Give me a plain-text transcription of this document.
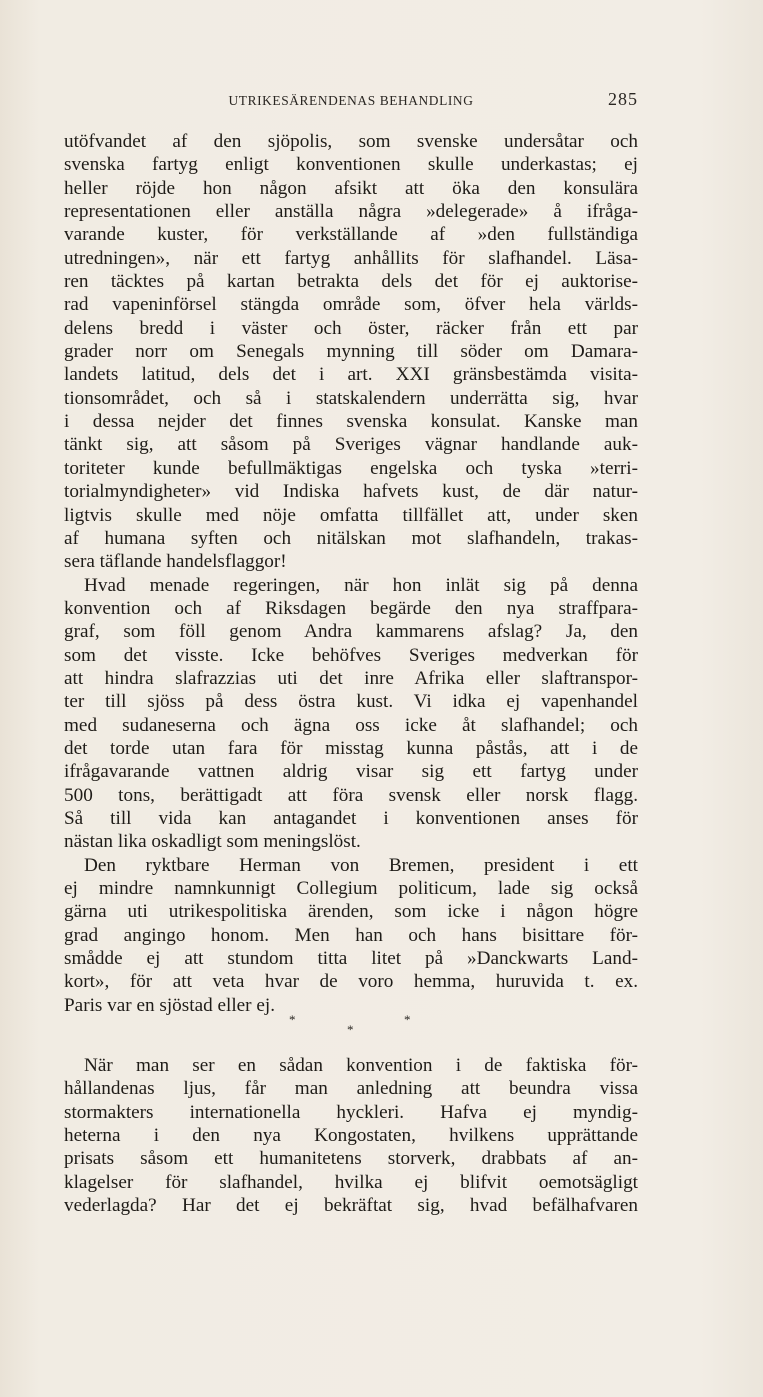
UTRIKESÄRENDENAS BEHANDLING	285
utöfvandet af den sjöpolis, som svenske undersåtar och
svenska fartyg enligt konventionen skulle underkastas; ej
heller röjde hon någon afsikt att öka den konsulära
representationen eller anställa några »delegerade» å ifråga-
varande kuster, för verkställande af »den fullständiga
utredningen», när ett fartyg anhållits för slafhandel. Läsa-
ren täcktes på kartan betrakta dels det för ej auktorise-
rad vapeninförsel stängda område som, öfver hela världs-
delens bredd i väster och öster, räcker från ett par
grader norr om Senegals mynning till söder om Damara-
landets latitud, dels det i art. XXI gränsbestämda visita-
tionsområdet, och så i statskalendern underrätta sig, hvar
i dessa nejder det finnes svenska konsulat. Kanske man
tänkt sig, att såsom på Sveriges vägnar handlande auk-
toriteter kunde befullmäktigas engelska och tyska »terri-
torialmyndigheter» vid Indiska hafvets kust, de där natur-
ligtvis skulle med nöje omfatta tillfället att, under sken
af humana syften och nitälskan mot slafhandeln, trakas-
sera täflande handelsflaggor!
Hvad menade regeringen, när hon inlät sig på denna
konvention och af Riksdagen begärde den nya straffpara-
graf, som föll genom Andra kammarens afslag? Ja, den
som det visste. Icke behöfves Sveriges medverkan för
att hindra slafrazzias uti det inre Afrika eller slaftranspor-
ter till sjöss på dess östra kust. Vi idka ej vapenhandel
med sudaneserna och ägna oss icke åt slafhandel; och
det torde utan fara för misstag kunna påstås, att i de
ifrågavarande vattnen aldrig visar sig ett fartyg under
500 tons, berättigadt att föra svensk eller norsk flagg.
Så till vida kan antagandet i konventionen anses för
nästan lika oskadligt som meningslöst.
Den ryktbare Herman von Bremen, president i ett
ej mindre namnkunnigt Collegium politicum, lade sig också
gärna uti utrikespolitiska ärenden, som icke i någon högre
grad angingo honom. Men han och hans bisittare för-
smådde ej att stundom titta litet på »Danckwarts Land-
kort», för att veta hvar de voro hemma, huruvida t. ex.
Paris var en sjöstad eller ej.
*	*
*
När man ser en sådan konvention i de faktiska för-
hållandenas ljus, får man anledning att beundra vissa
stormakters internationella hyckleri. Hafva ej myndig-
heterna i den nya Kongostaten, hvilkens upprättande
prisats såsom ett humanitetens storverk, drabbats af an-
klagelser för slafhandel, hvilka ej blifvit oemotsägligt
vederlagda? Har det ej bekräftat sig, hvad befälhafvaren
